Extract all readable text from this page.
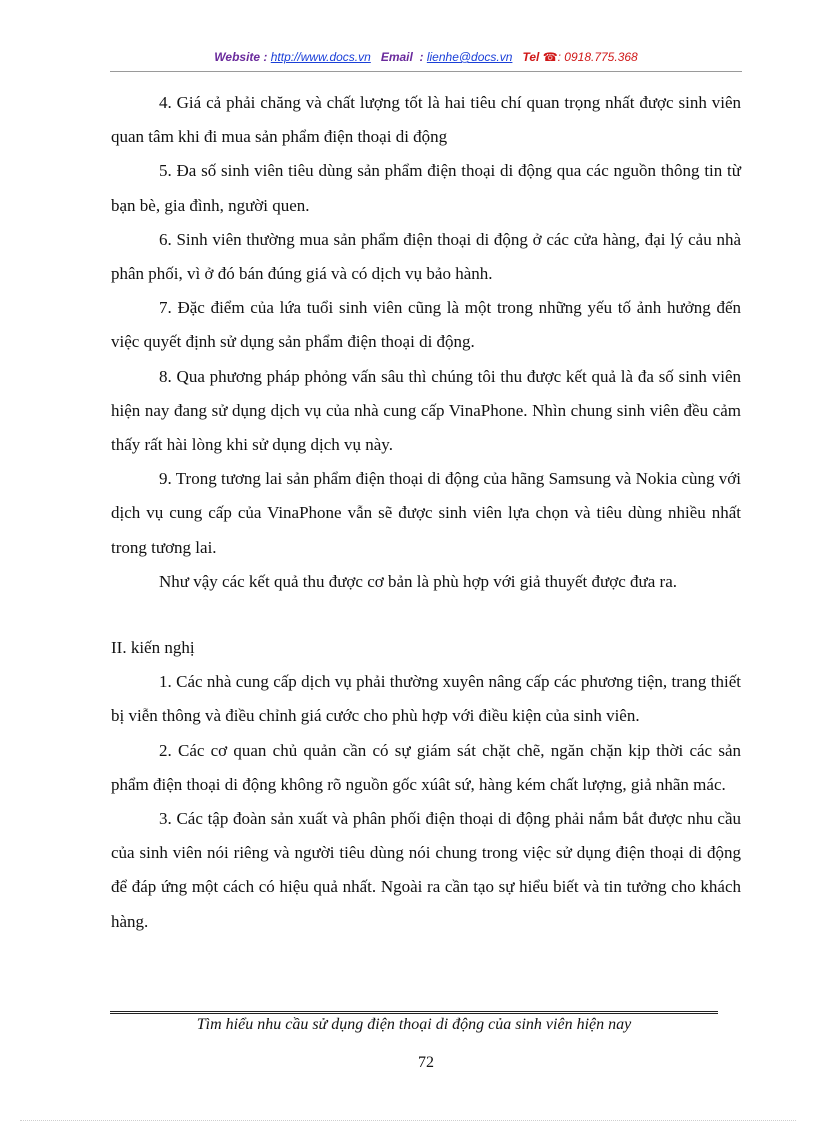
Website : http://www.docs.vn Email : lienhe@docs.vn Tel ☎: 0918.775.368

4. Giá cả phải chăng và chất lượng tốt là hai tiêu chí quan trọng nhất được sinh viên quan tâm khi đi mua sản phẩm điện thoại di động

5. Đa số sinh viên tiêu dùng sản phẩm điện thoại di động qua các nguồn thông tin từ bạn bè, gia đình, người quen.

6. Sinh viên thường mua sản phẩm điện thoại di động ở các cửa hàng, đại lý cảu nhà phân phối, vì ở đó bán đúng giá và có dịch vụ bảo hành.

7. Đặc điểm của lứa tuổi sinh viên cũng là một trong những yếu tố ảnh hưởng đến việc quyết định sử dụng sản phẩm điện thoại di động.

8. Qua phương pháp phỏng vấn sâu thì chúng tôi thu được kết quả là đa số sinh viên hiện nay đang sử dụng dịch vụ của nhà cung cấp VinaPhone. Nhìn chung sinh viên đều cảm thấy rất hài lòng khi sử dụng dịch vụ này.

9. Trong tương lai sản phẩm điện thoại di động của hãng Samsung và Nokia cùng với dịch vụ cung cấp của VinaPhone vẫn sẽ được sinh viên lựa chọn và tiêu dùng nhiều nhất trong tương lai.

Như vậy các kết quả thu được cơ bản là phù hợp với giả thuyết được đưa ra.

II. kiến nghị

1. Các nhà cung cấp dịch vụ phải thường xuyên nâng cấp các phương tiện, trang thiết bị viễn thông và điều chỉnh giá cước cho phù hợp với điều kiện của sinh viên.

2. Các cơ quan chủ quản cần có sự giám sát chặt chẽ, ngăn chặn kịp thời các sản phẩm điện thoại di động không rõ nguồn gốc xúât sứ, hàng kém chất lượng, giả nhãn mác.

3. Các tập đoàn sản xuất và phân phối điện thoại di động phải nắm bắt được nhu cầu của sinh viên nói riêng và người tiêu dùng nói chung trong việc sử dụng điện thoại di động để đáp ứng một cách có hiệu quả nhất. Ngoài ra cần tạo sự hiểu biết và tin tưởng cho khách hàng.

Tìm hiểu nhu cầu sử dụng điện thoại di động của sinh viên hiện nay
72
